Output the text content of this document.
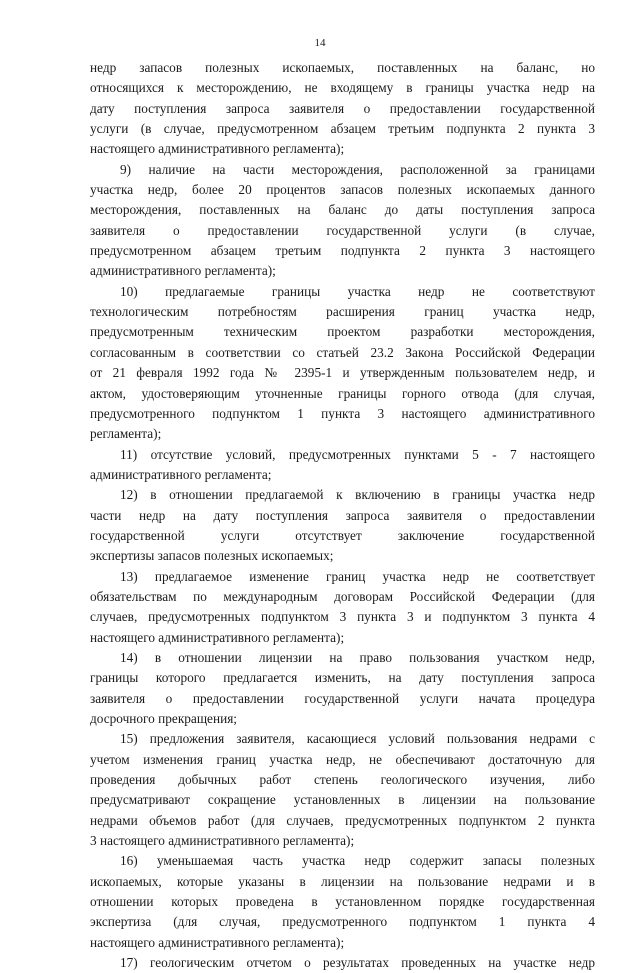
14
недр запасов полезных ископаемых, поставленных на баланс, но
относящихся к месторождению, не входящему в границы участка недр на
дату поступления запроса заявителя о предоставлении государственной
услуги (в случае, предусмотренном абзацем третьим подпункта 2 пункта 3
настоящего административного регламента);
9) наличие на части месторождения, расположенной за границами
участка недр, более 20 процентов запасов полезных ископаемых данного
месторождения, поставленных на баланс до даты поступления запроса
заявителя о предоставлении государственной услуги (в случае,
предусмотренном абзацем третьим подпункта 2 пункта 3 настоящего
административного регламента);
10) предлагаемые границы участка недр не соответствуют
технологическим потребностям расширения границ участка недр,
предусмотренным техническим проектом разработки месторождения,
согласованным в соответствии со статьей 23.2 Закона Российской Федерации
от 21 февраля 1992 года № 2395-1 и утвержденным пользователем недр, и
актом, удостоверяющим уточненные границы горного отвода (для случая,
предусмотренного подпунктом 1 пункта 3 настоящего административного
регламента);
11) отсутствие условий, предусмотренных пунктами 5 - 7 настоящего
административного регламента;
12) в отношении предлагаемой к включению в границы участка недр
части недр на дату поступления запроса заявителя о предоставлении
государственной услуги отсутствует заключение государственной
экспертизы запасов полезных ископаемых;
13) предлагаемое изменение границ участка недр не соответствует
обязательствам по международным договорам Российской Федерации (для
случаев, предусмотренных подпунктом 3 пункта 3 и подпунктом 3 пункта 4
настоящего административного регламента);
14) в отношении лицензии на право пользования участком недр,
границы которого предлагается изменить, на дату поступления запроса
заявителя о предоставлении государственной услуги начата процедура
досрочного прекращения;
15) предложения заявителя, касающиеся условий пользования недрами с
учетом изменения границ участка недр, не обеспечивают достаточную для
проведения добычных работ степень геологического изучения, либо
предусматривают сокращение установленных в лицензии на пользование
недрами объемов работ (для случаев, предусмотренных подпунктом 2 пункта
3 настоящего административного регламента);
16) уменьшаемая часть участка недр содержит запасы полезных
ископаемых, которые указаны в лицензии на пользование недрами и в
отношении которых проведена в установленном порядке государственная
экспертиза (для случая, предусмотренного подпунктом 1 пункта 4
настоящего административного регламента);
17) геологическим отчетом о результатах проведенных на участке недр
